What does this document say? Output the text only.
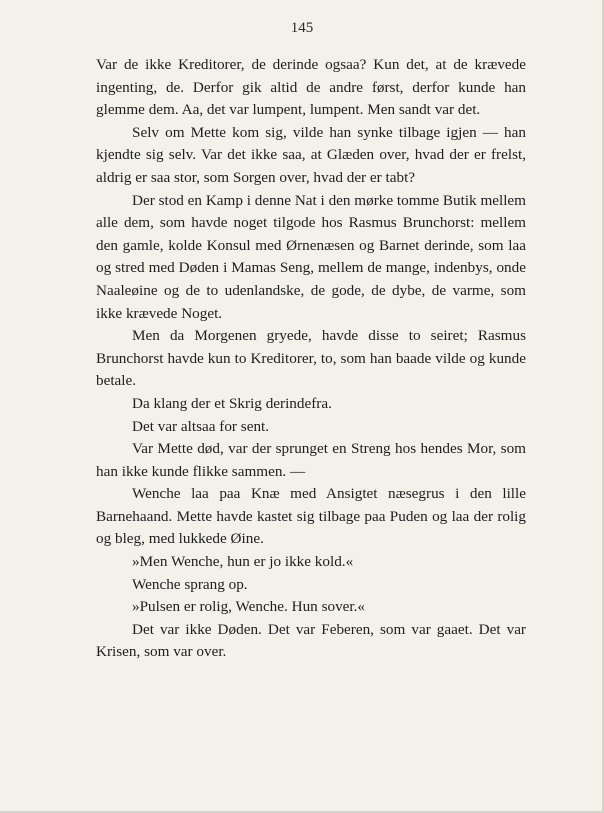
145

Var de ikke Kreditorer, de derinde ogsaa? Kun det, at de krævede ingenting, de. Derfor gik altid de andre først, derfor kunde han glemme dem. Aa, det var lumpent, lumpent. Men sandt var det.

Selv om Mette kom sig, vilde han synke tilbage igjen — han kjendte sig selv. Var det ikke saa, at Glæden over, hvad der er frelst, aldrig er saa stor, som Sorgen over, hvad der er tabt?

Der stod en Kamp i denne Nat i den mørke tomme Butik mellem alle dem, som havde noget tilgode hos Rasmus Brunchorst: mellem den gamle, kolde Konsul med Ørnenæsen og Barnet derinde, som laa og stred med Døden i Mamas Seng, mellem de mange, indenbys, onde Naaleøine og de to udenlandske, de gode, de dybe, de varme, som ikke krævede Noget.

Men da Morgenen gryede, havde disse to seiret; Rasmus Brunchorst havde kun to Kreditorer, to, som han baade vilde og kunde betale.

Da klang der et Skrig derindefra.

Det var altsaa for sent.

Var Mette død, var der sprunget en Streng hos hendes Mor, som han ikke kunde flikke sammen. —

Wenche laa paa Knæ med Ansigtet næsegrus i den lille Barnehaand. Mette havde kastet sig tilbage paa Puden og laa der rolig og bleg, med lukkede Øine.

»Men Wenche, hun er jo ikke kold.«

Wenche sprang op.

»Pulsen er rolig, Wenche. Hun sover.«

Det var ikke Døden. Det var Feberen, som var gaaet. Det var Krisen, som var over.
